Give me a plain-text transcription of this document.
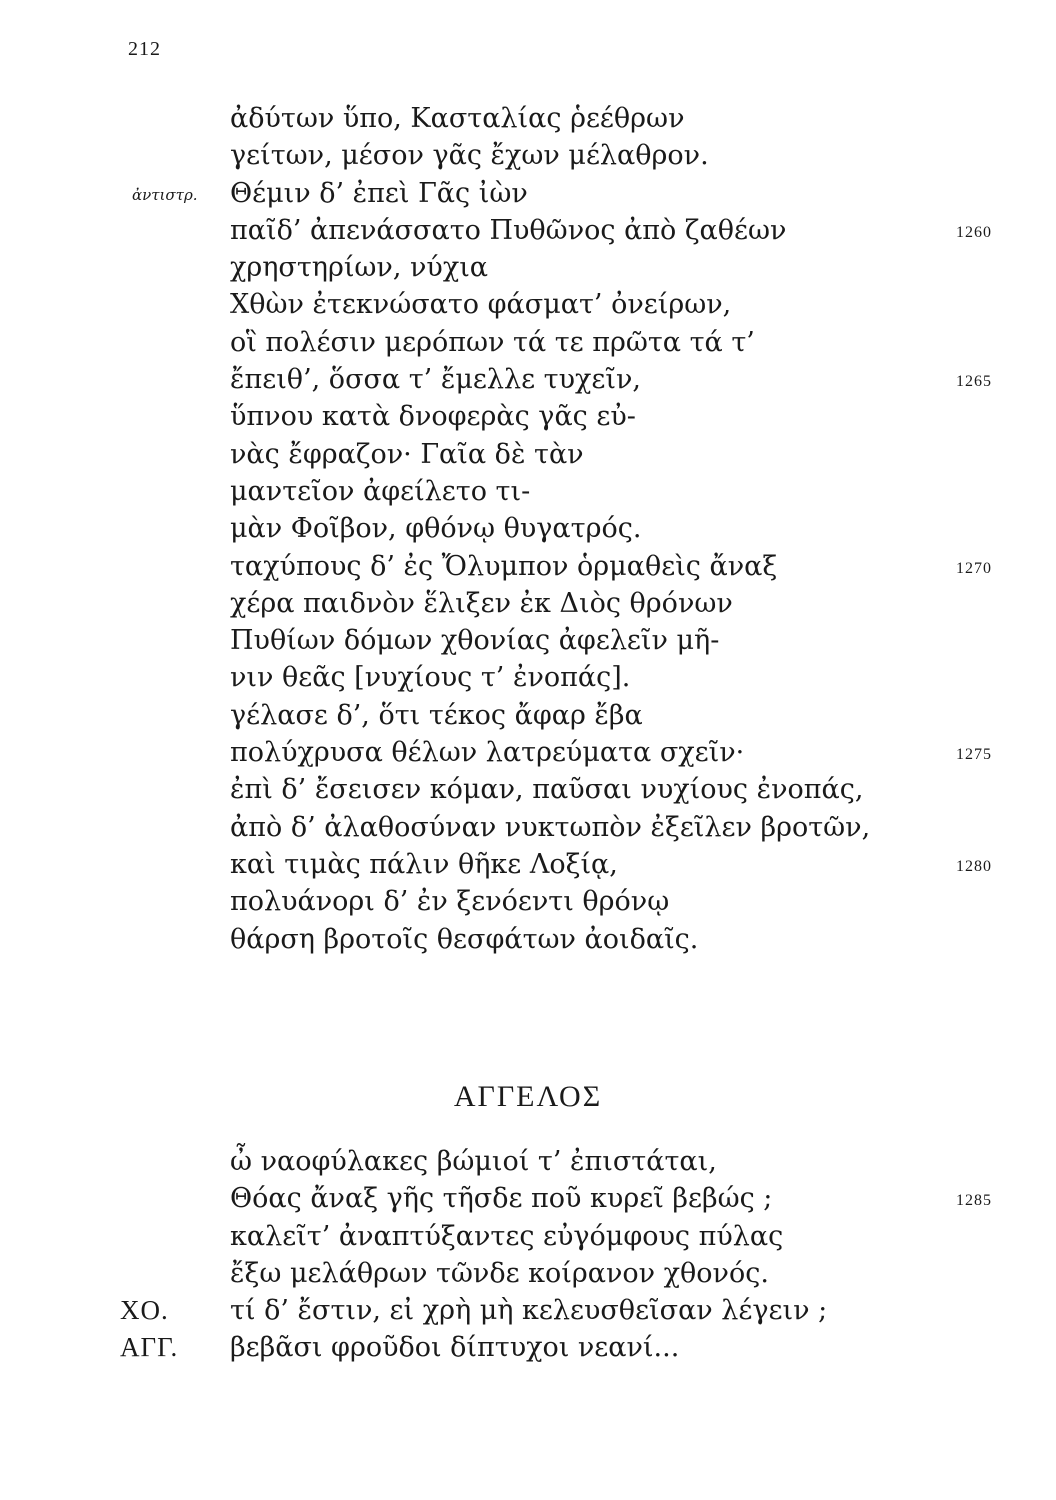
212
ἀδύτων ὕπο, Κασταλίας ῥεέθρων
γείτων, μέσον γᾶς ἔχων μέλαθρον.
ἀντιστρ. Θέμιν δ’ ἐπεὶ Γᾶς ἰὼν
παῖδ’ ἀπενάσσατο Πυθῶνος ἀπὸ ζαθέων	1260
χρηστηρίων, νύχια
Χθὼν ἐτεκνώσατο φάσματ’ ὀνείρων,
οἳ πολέσιν μερόπων τά τε πρῶτα τά τ’
ἔπειθ’, ὅσσα τ’ ἔμελλε τυχεῖν,	1265
ὕπνου κατὰ δνοφερὰς γᾶς εὐ-
νὰς ἔφραζον· Γαῖα δὲ τὰν
μαντεῖον ἀφείλετο τι-
μὰν Φοῖβον, φθόνῳ θυγατρός.
ταχύπους δ’ ἐς Ὄλυμπον ὁρμαθεὶς ἄναξ	1270
χέρα παιδνὸν ἕλιξεν ἐκ Διὸς θρόνων
Πυθίων δόμων χθονίας ἀφελεῖν μῆ-
νιν θεᾶς [νυχίους τ’ ἐνοπάς].
γέλασε δ’, ὅτι τέκος ἄφαρ ἔβα
πολύχρυσα θέλων λατρεύματα σχεῖν·	1275
ἐπὶ δ’ ἔσεισεν κόμαν, παῦσαι νυχίους ἐνοπάς,
ἀπὸ δ’ ἀλαθοσύναν νυκτωπὸν ἐξεῖλεν βροτῶν,
καὶ τιμὰς πάλιν θῆκε Λοξίᾳ,	1280
πολυάνορι δ’ ἐν ξενόεντι θρόνῳ
θάρση βροτοῖς θεσφάτων ἀοιδαῖς.
ΑΓΓΕΛΟΣ
ὦ ναοφύλακες βώμιοί τ’ ἐπιστάται,
Θόας ἄναξ γῆς τῆσδε ποῦ κυρεῖ βεβώς ;	1285
καλεῖτ’ ἀναπτύξαντες εὐγόμφους πύλας
ἔξω μελάθρων τῶνδε κοίρανον χθονός.
ΧΟ. τί δ’ ἔστιν, εἰ χρὴ μὴ κελευσθεῖσαν λέγειν ;
ΑΓΓ. βεβᾶσι φροῦδοι δίπτυχοι νεανί...
